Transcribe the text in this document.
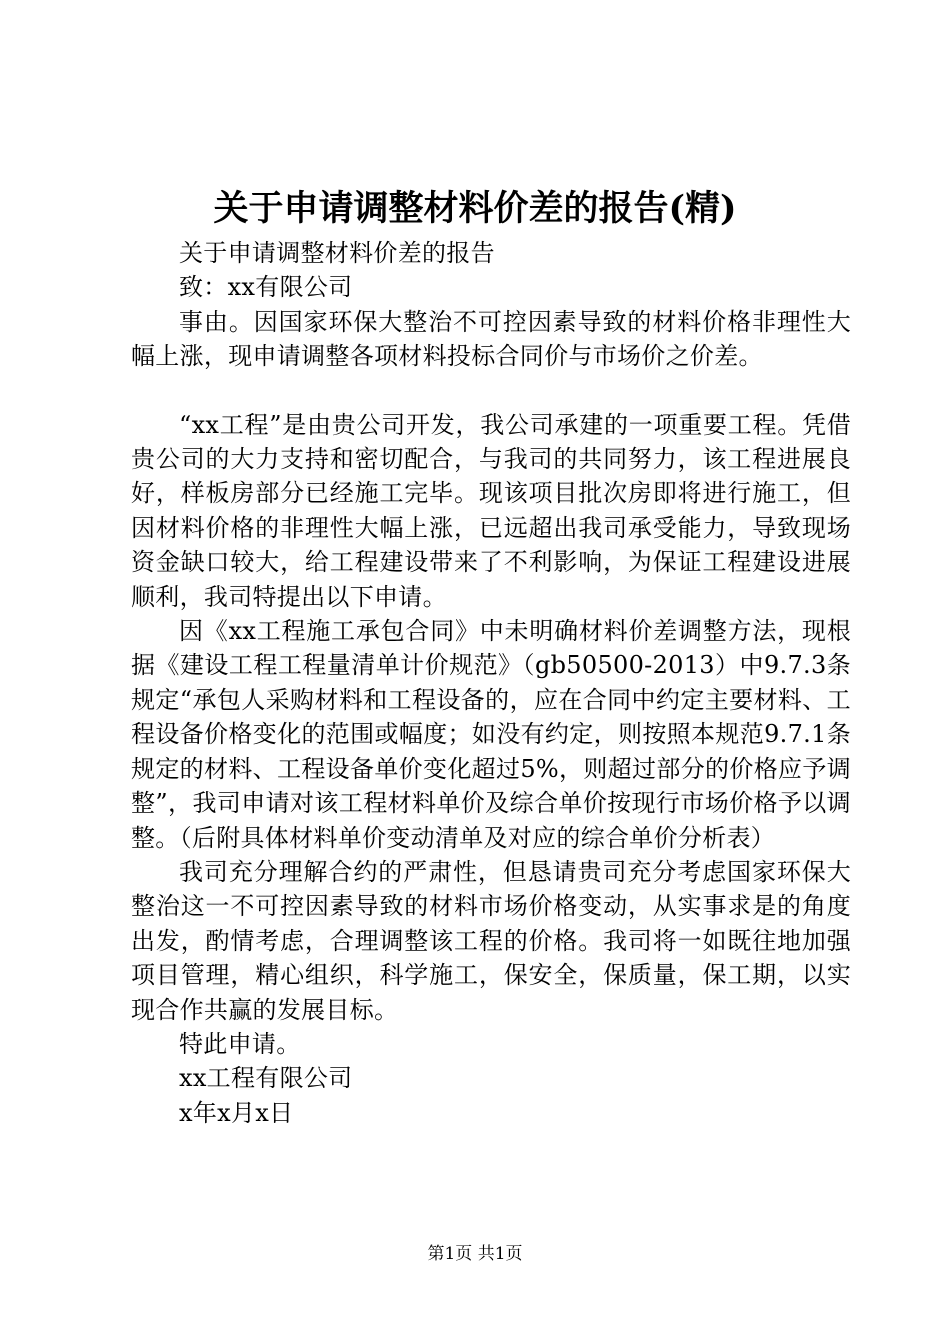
关于申请调整材料价差的报告(精)

关于申请调整材料价差的报告

致：xx有限公司

事由。因国家环保大整治不可控因素导致的材料价格非理性大幅上涨，现申请调整各项材料投标合同价与市场价之价差。

“xx工程”是由贵公司开发，我公司承建的一项重要工程。凭借贵公司的大力支持和密切配合，与我司的共同努力，该工程进展良好，样板房部分已经施工完毕。现该项目批次房即将进行施工，但因材料价格的非理性大幅上涨，已远超出我司承受能力，导致现场资金缺口较大，给工程建设带来了不利影响，为保证工程建设进展顺利，我司特提出以下申请。

因《xx工程施工承包合同》中未明确材料价差调整方法，现根据《建设工程工程量清单计价规范》（gb50500-2013）中9.7.3条规定“承包人采购材料和工程设备的，应在合同中约定主要材料、工程设备价格变化的范围或幅度；如没有约定，则按照本规范9.7.1条规定的材料、工程设备单价变化超过5%，则超过部分的价格应予调整”，我司申请对该工程材料单价及综合单价按现行市场价格予以调整。（后附具体材料单价变动清单及对应的综合单价分析表）

我司充分理解合约的严肃性，但恳请贵司充分考虑国家环保大整治这一不可控因素导致的材料市场价格变动，从实事求是的角度出发，酌情考虑，合理调整该工程的价格。我司将一如既往地加强项目管理，精心组织，科学施工，保安全，保质量，保工期，以实现合作共赢的发展目标。

特此申请。

xx工程有限公司

x年x月x日

第1页 共1页
